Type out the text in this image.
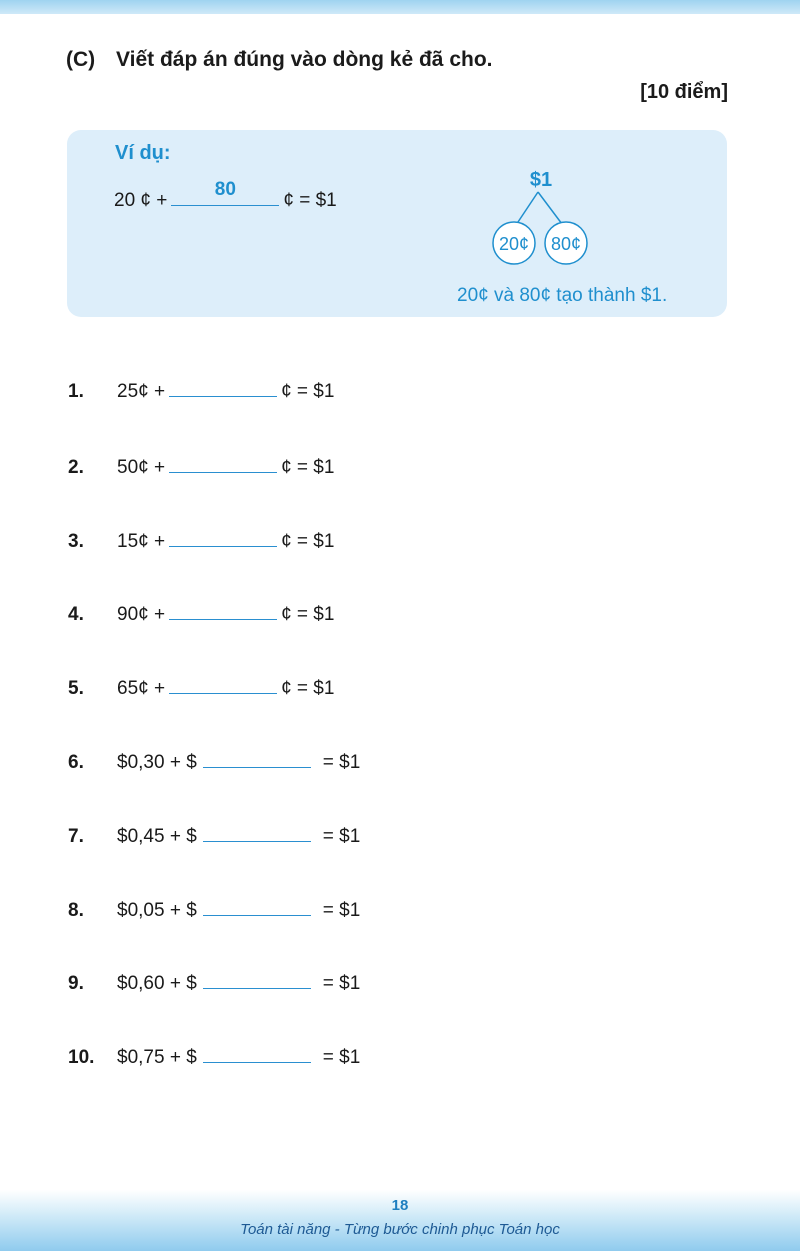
(C) Viết đáp án đúng vào dòng kẻ đã cho.
[10 điểm]
Ví dụ:
20 ¢ +
80
¢ = $1
$1
20¢ 80¢
20¢ và 80¢ tạo thành $1.
1.	25¢ +	¢ = $1
2.	50¢ +	¢ = $1
3.	15¢ +	¢ = $1
4.	90¢ +	¢ = $1
5.	65¢ +	¢ = $1
6.	$0,30 + $	= $1
7.	$0,45 + $	= $1
8.	$0,05 + $	= $1
9.	$0,60 + $	= $1
10.	$0,75 + $	= $1
18
Toán tài năng - Từng bước chinh phục Toán học
